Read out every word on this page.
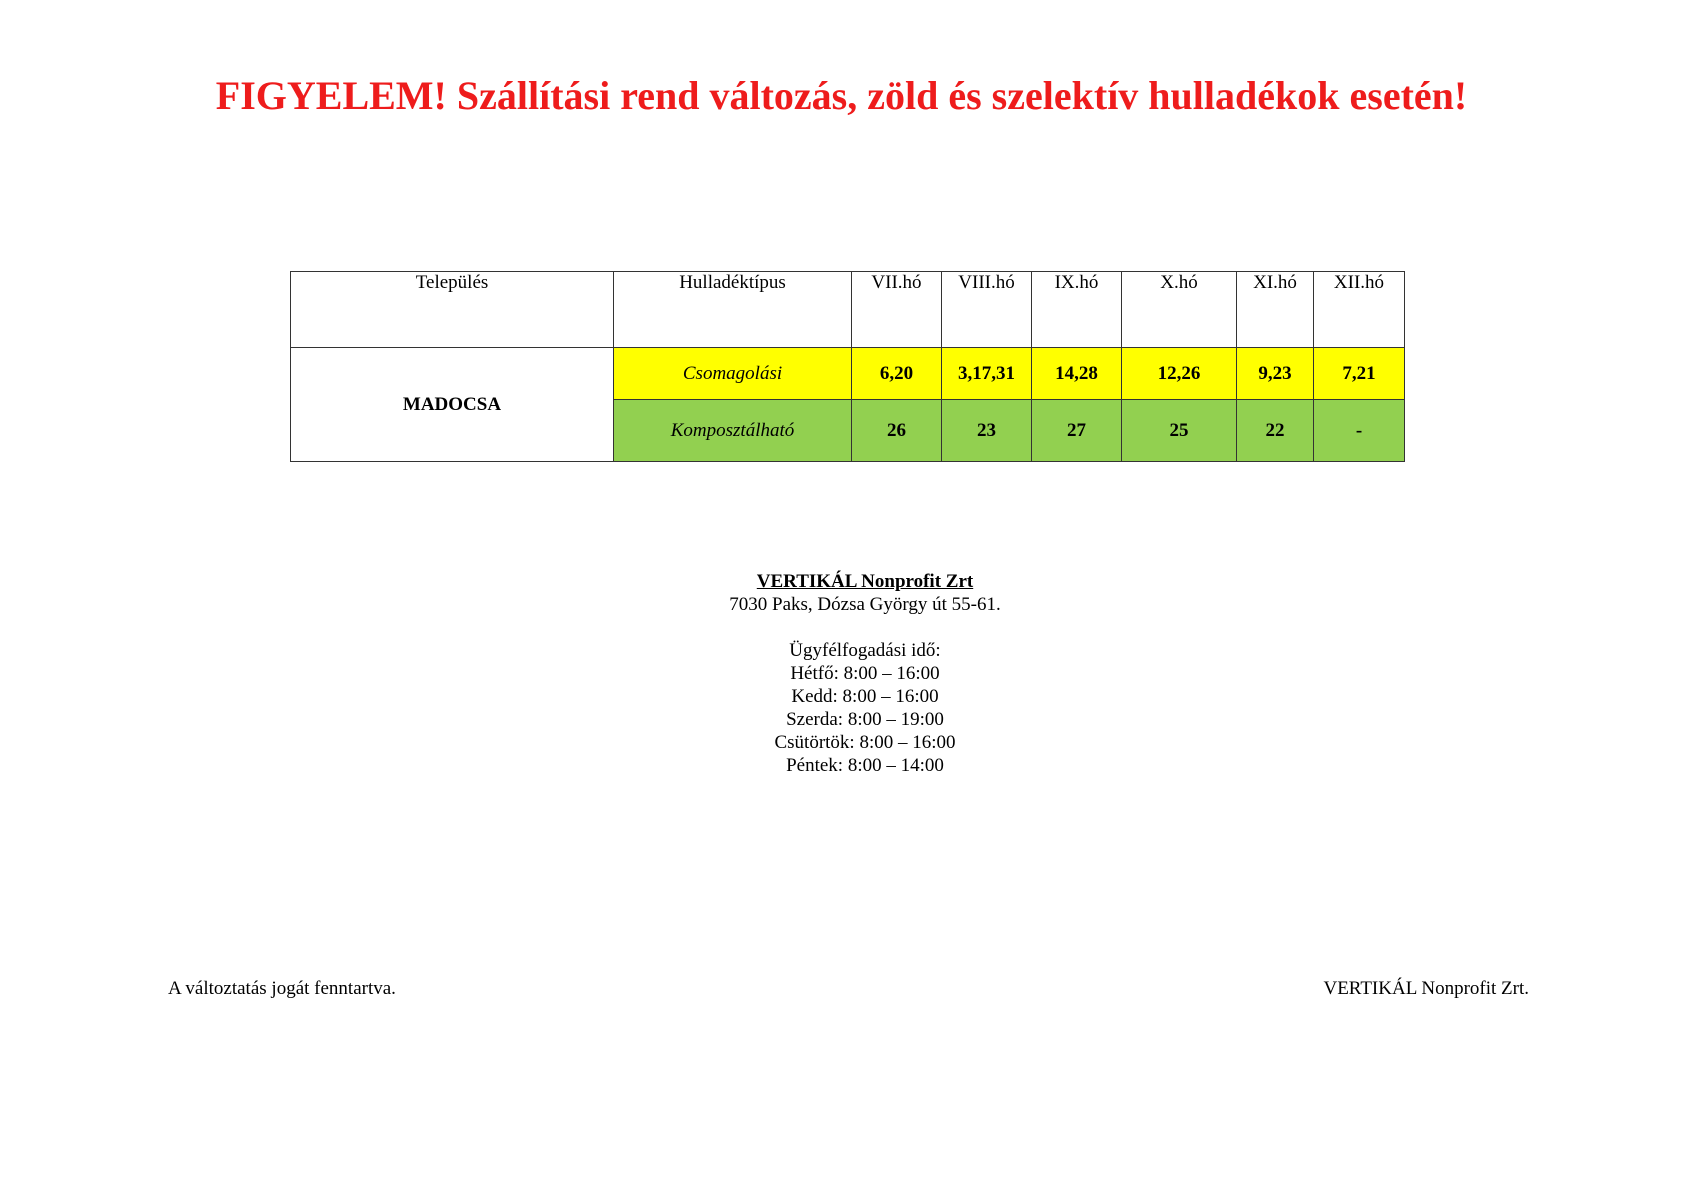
FIGYELEM! Szállítási rend változás, zöld és szelektív hulladékok esetén!
Település	Hulladéktípus	VII.hó	VIII.hó	IX.hó	X.hó	XI.hó	XII.hó
MADOCSA	Csomagolási	6,20	3,17,31	14,28	12,26	9,23	7,21
	Komposztálható	26	23	27	25	22	-
VERTIKÁL Nonprofit Zrt
7030 Paks, Dózsa György út 55-61.
Ügyfélfogadási idő:
Hétfő: 8:00 – 16:00
Kedd: 8:00 – 16:00
Szerda: 8:00 – 19:00
Csütörtök: 8:00 – 16:00
Péntek: 8:00 – 14:00
A változtatás jogát fenntartva.	VERTIKÁL Nonprofit Zrt.
